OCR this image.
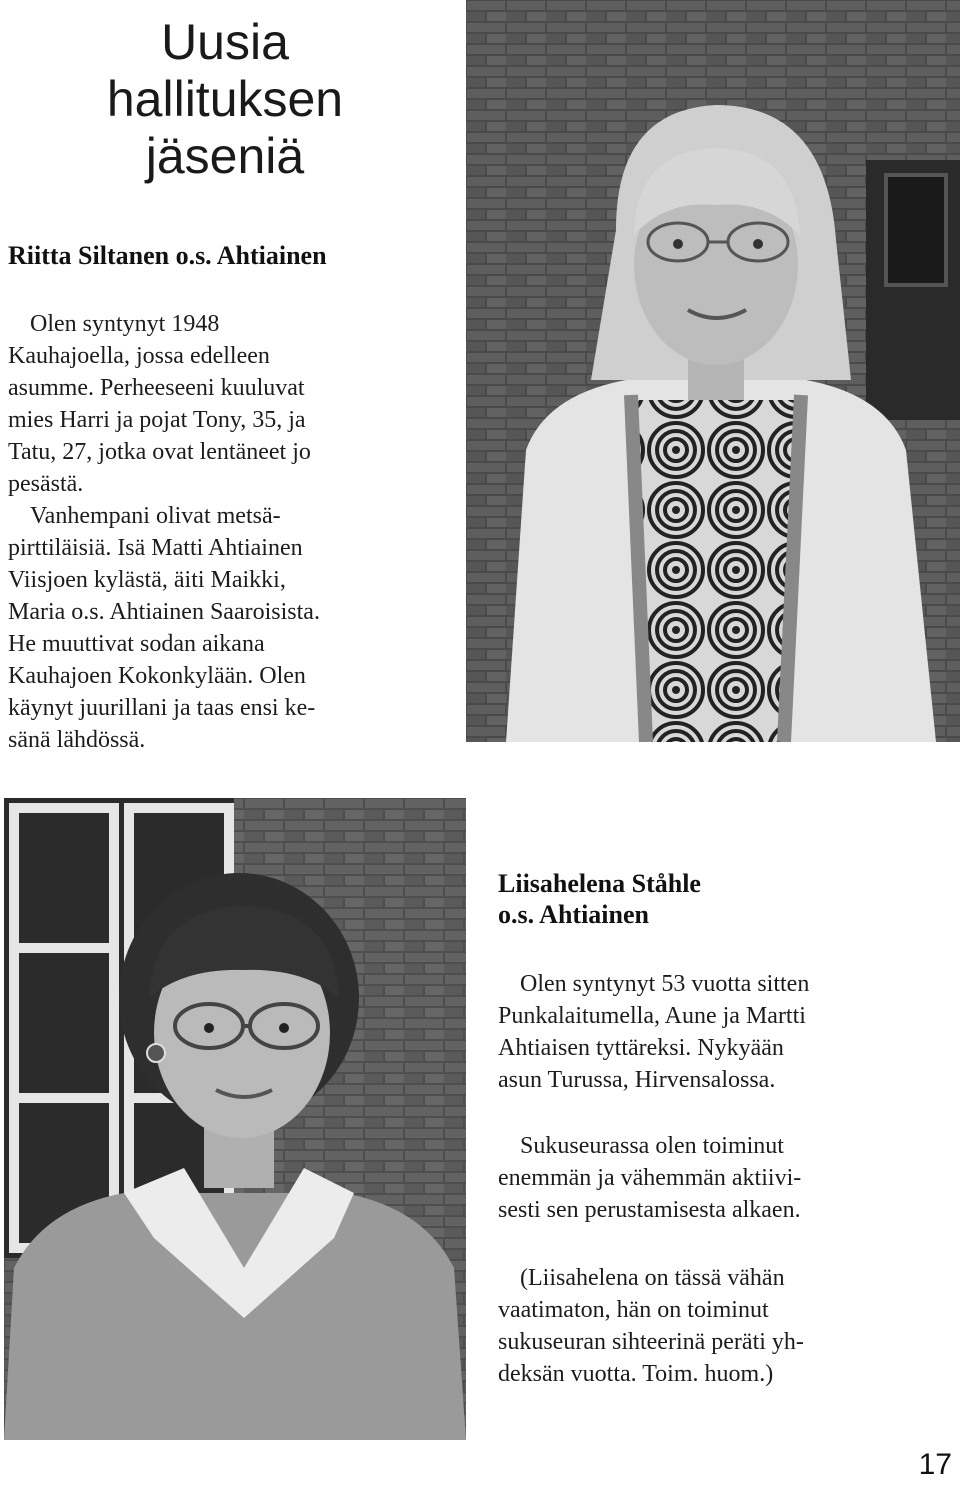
Uusia
hallituksen
jäseniä
Riitta Siltanen o.s. Ahtiainen
Olen syntynyt 1948
Kauhajoella, jossa edelleen
asumme. Perheeseeni kuuluvat
mies Harri ja pojat Tony, 35, ja
Tatu, 27, jotka ovat lentäneet jo
pesästä.
Vanhempani olivat metsä-
pirttiläisiä. Isä Matti Ahtiainen
Viisjoen kylästä, äiti Maikki,
Maria o.s. Ahtiainen Saaroisista.
He muuttivat sodan aikana
Kauhajoen Kokonkylään. Olen
käynyt juurillani ja taas ensi ke-
sänä lähdössä.
Liisahelena Ståhle
o.s. Ahtiainen
Olen syntynyt 53 vuotta sitten
Punkalaitumella, Aune ja Martti
Ahtiaisen tyttäreksi. Nykyään
asun Turussa, Hirvensalossa.
Sukuseurassa olen toiminut
enemmän ja vähemmän aktiivi-
sesti sen perustamisesta alkaen.
(Liisahelena on tässä vähän
vaatimaton, hän on toiminut
sukuseuran sihteerinä peräti yh-
deksän vuotta. Toim. huom.)
17
